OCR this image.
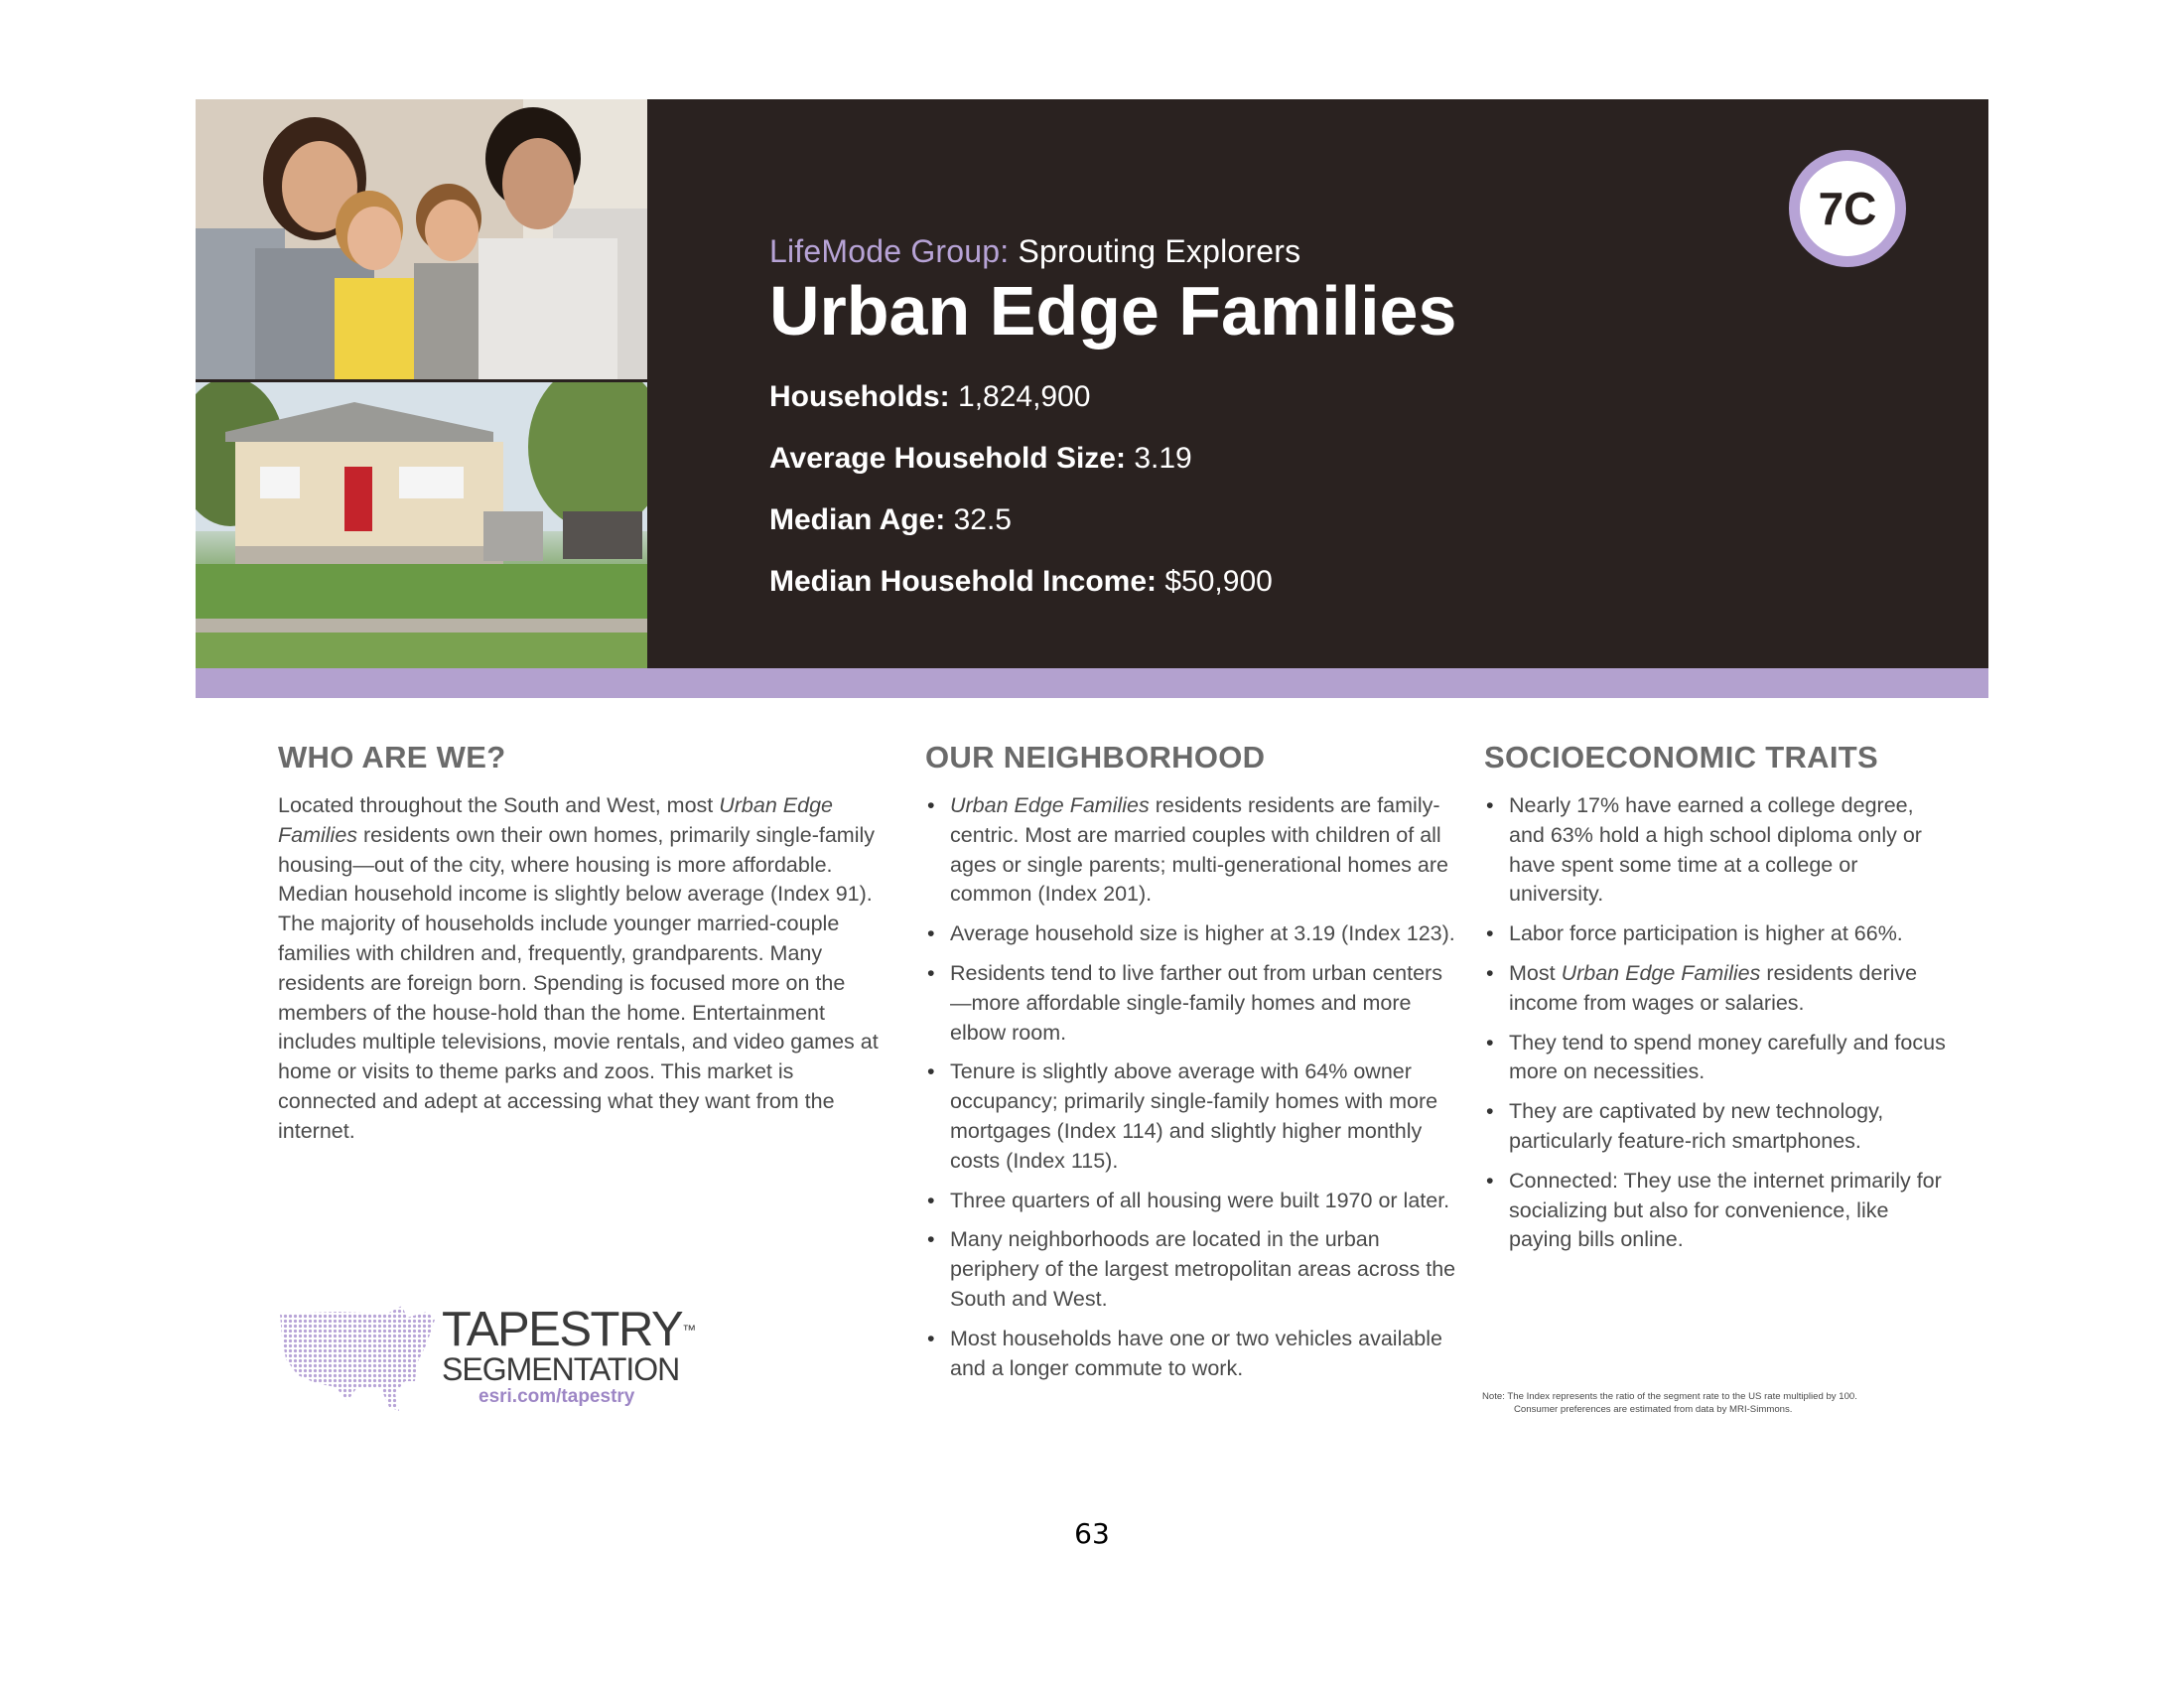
7C
LifeMode Group: Sprouting Explorers
Urban Edge Families
Households: 1,824,900
Average Household Size: 3.19
Median Age: 32.5
Median Household Income: $50,900
WHO ARE WE?

Located throughout the South and West, most Urban Edge Families residents own their own homes, primarily single-family housing—out of the city, where housing is more affordable. Median household income is slightly below average (Index 91). The majority of households include younger married-couple families with children and, frequently, grandparents. Many residents are foreign born. Spending is focused more on the members of the house-hold than the home. Entertainment includes multiple televisions, movie rentals, and video games at home or visits to theme parks and zoos. This market is connected and adept at accessing what they want from the internet.

OUR NEIGHBORHOOD
• Urban Edge Families residents residents are family-centric. Most are married couples with children of all ages or single parents; multi-generational homes are common (Index 201).
• Average household size is higher at 3.19 (Index 123).
• Residents tend to live farther out from urban centers—more affordable single-family homes and more elbow room.
• Tenure is slightly above average with 64% owner occupancy; primarily single-family homes with more mortgages (Index 114) and slightly higher monthly costs (Index 115).
• Three quarters of all housing were built 1970 or later.
• Many neighborhoods are located in the urban periphery of the largest metropolitan areas across the South and West.
• Most households have one or two vehicles available and a longer commute to work.
SOCIOECONOMIC TRAITS
• Nearly 17% have earned a college degree, and 63% hold a high school diploma only or have spent some time at a college or university.
• Labor force participation is higher at 66%.
• Most Urban Edge Families residents derive income from wages or salaries.
• They tend to spend money carefully and focus more on necessities.
• They are captivated by new technology, particularly feature-rich smartphones.
• Connected: They use the internet primarily for socializing but also for convenience, like paying bills online.
TAPESTRY™
SEGMENTATION
esri.com/tapestry	Note: The Index represents the ratio of the segment rate to the US rate multiplied by 100.
Consumer preferences are estimated from data by MRI-Simmons.
63
